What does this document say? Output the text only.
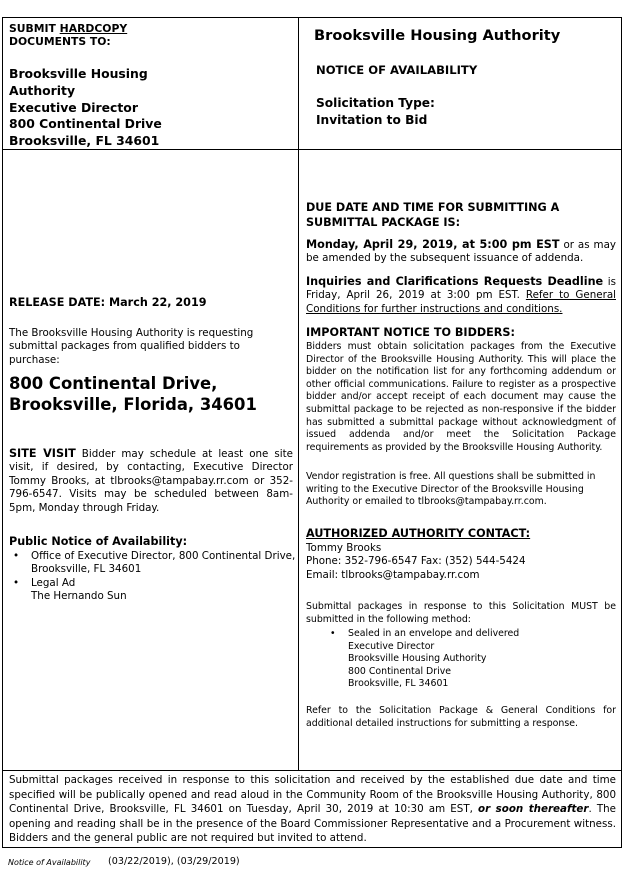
SUBMIT HARDCOPY
DOCUMENTS TO:
Brooksville Housing
Authority
Executive Director
800 Continental Drive
Brooksville, FL 34601
Brooksville Housing Authority
NOTICE OF AVAILABILITY
Solicitation Type:
Invitation to Bid
RELEASE DATE: March 22, 2019
The Brooksville Housing Authority is requesting submittal packages from qualified bidders to purchase:
800 Continental Drive,
Brooksville, Florida, 34601
SITE VISIT Bidder may schedule at least one site visit, if desired, by contacting, Executive Director Tommy Brooks, at tlbrooks@tampabay.rr.com or 352-796-6547. Visits may be scheduled between 8am-5pm, Monday through Friday.
Public Notice of Availability:
• Office of Executive Director, 800 Continental Drive,
Brooksville, FL 34601
• Legal Ad
The Hernando Sun
DUE DATE AND TIME FOR SUBMITTING A SUBMITTAL PACKAGE IS:
Monday, April 29, 2019, at 5:00 pm EST or as may be amended by the subsequent issuance of addenda.
Inquiries and Clarifications Requests Deadline is Friday, April 26, 2019 at 3:00 pm EST. Refer to General Conditions for further instructions and conditions.
IMPORTANT NOTICE TO BIDDERS:
Bidders must obtain solicitation packages from the Executive Director of the Brooksville Housing Authority. This will place the bidder on the notification list for any forthcoming addendum or other official communications. Failure to register as a prospective bidder and/or accept receipt of each document may cause the submittal package to be rejected as non-responsive if the bidder has submitted a submittal package without acknowledgment of issued addenda and/or meet the Solicitation Package requirements as provided by the Brooksville Housing Authority.
Vendor registration is free. All questions shall be submitted in writing to the Executive Director of the Brooksville Housing Authority or emailed to tlbrooks@tampabay.rr.com.
AUTHORIZED AUTHORITY CONTACT:
Tommy Brooks
Phone: 352-796-6547 Fax: (352) 544-5424
Email: tlbrooks@tampabay.rr.com
Submittal packages in response to this Solicitation MUST be submitted in the following method:
• Sealed in an envelope and delivered
Executive Director
Brooksville Housing Authority
800 Continental Drive
Brooksville, FL 34601
Refer to the Solicitation Package & General Conditions for additional detailed instructions for submitting a response.
Submittal packages received in response to this solicitation and received by the established due date and time specified will be publically opened and read aloud in the Community Room of the Brooksville Housing Authority, 800 Continental Drive, Brooksville, FL 34601 on Tuesday, April 30, 2019 at 10:30 am EST, or soon thereafter. The opening and reading shall be in the presence of the Board Commissioner Representative and a Procurement witness. Bidders and the general public are not required but invited to attend.
Notice of Availability (03/22/2019), (03/29/2019)
